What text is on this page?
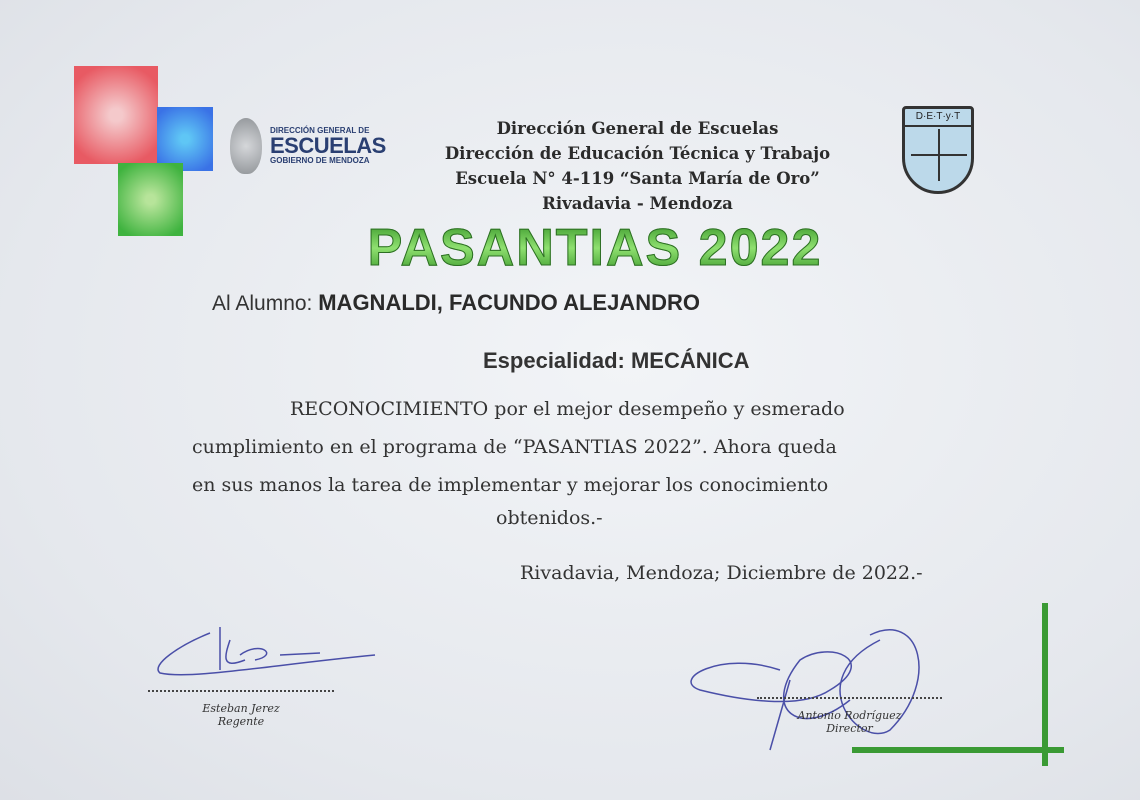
DIRECCIÓN GENERAL DE
ESCUELAS
GOBIERNO DE MENDOZA
Dirección General de Escuelas
Dirección de Educación Técnica y Trabajo
Escuela N° 4-119 “Santa María de Oro”
Rivadavia - Mendoza
D·E·T·y·T
PASANTIAS 2022
Al Alumno: MAGNALDI, FACUNDO ALEJANDRO
Especialidad: MECÁNICA
RECONOCIMIENTO por el mejor desempeño y esmerado
cumplimiento en el programa de “PASANTIAS 2022”. Ahora queda
en sus manos la tarea de implementar y mejorar los conocimiento
obtenidos.-
Rivadavia, Mendoza; Diciembre de 2022.-
Esteban Jerez
Regente	Antonio Rodríguez
Director
